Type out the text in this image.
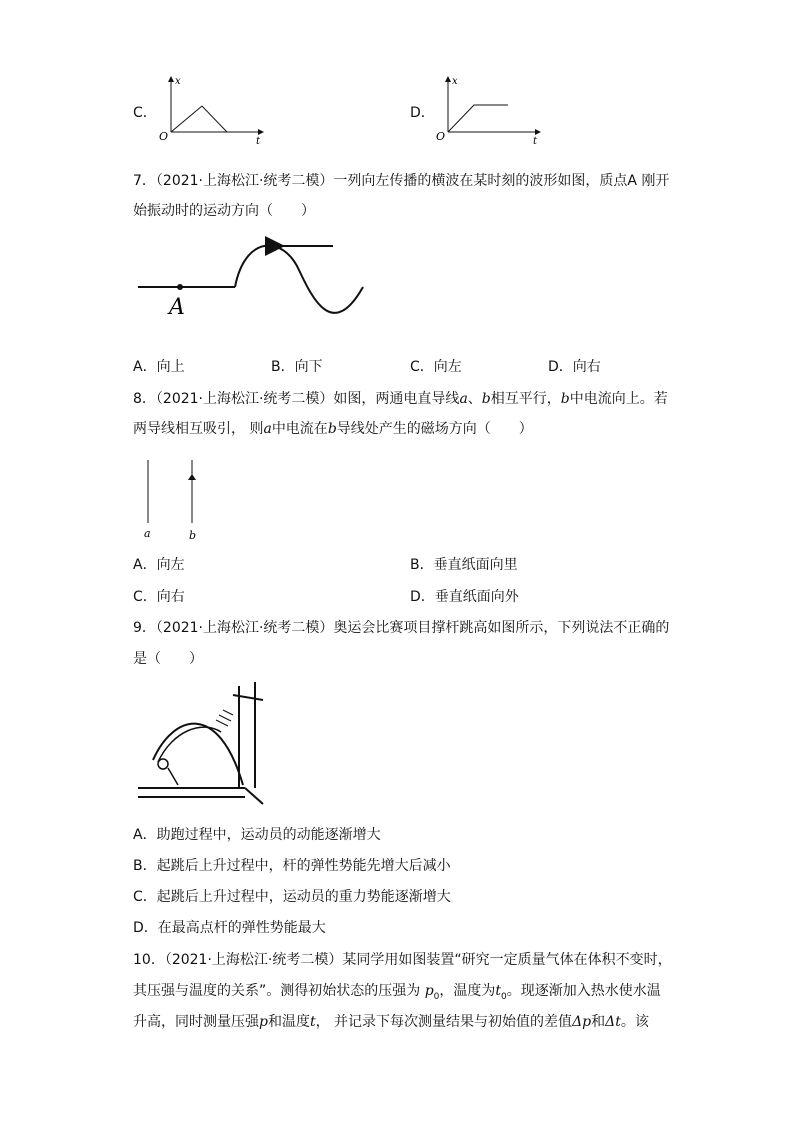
C．
x
t
O
D．
x
t
O
7．（2021·上海松江·统考二模）一列向左传播的横波在某时刻的波形如图，质点A 刚开
始振动时的运动方向（　　）
A
A．向上	B．向下	C．向左	D．向右
8．（2021·上海松江·统考二模）如图，两通电直导线a、b相互平行，b中电流向上。若
两导线相互吸引， 则a中电流在b导线处产生的磁场方向（　　）
a	b
A．向左	B．垂直纸面向里
C．向右	D．垂直纸面向外
9．（2021·上海松江·统考二模）奥运会比赛项目撑杆跳高如图所示，下列说法不正确的
是（　　）
A．助跑过程中，运动员的动能逐渐增大
B．起跳后上升过程中，杆的弹性势能先增大后减小
C．起跳后上升过程中，运动员的重力势能逐渐增大
D．在最高点杆的弹性势能最大
10．（2021·上海松江·统考二模）某同学用如图装置“研究一定质量气体在体积不变时，
其压强与温度的关系”。测得初始状态的压强为 $p_0$，温度为$t_0$。现逐渐加入热水使水温
升高，同时测量压强p和温度t， 并记录下每次测量结果与初始值的差值Δp和Δt。该
